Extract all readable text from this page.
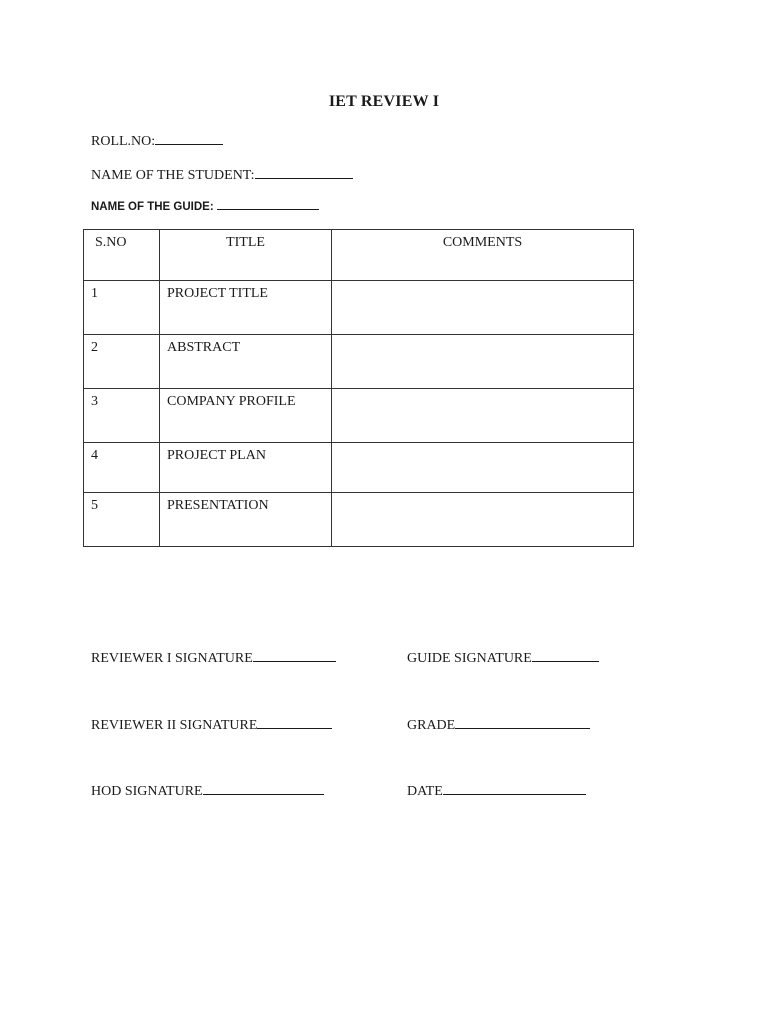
IET REVIEW I
ROLL.NO:
NAME OF THE STUDENT:
NAME OF THE GUIDE:
S.NO	TITLE	COMMENTS
1	PROJECT TITLE	
2	ABSTRACT	
3	COMPANY PROFILE	
4	PROJECT PLAN	
5	PRESENTATION	
REVIEWER I SIGNATURE	GUIDE SIGNATURE
REVIEWER II SIGNATURE	GRADE
HOD SIGNATURE	DATE
